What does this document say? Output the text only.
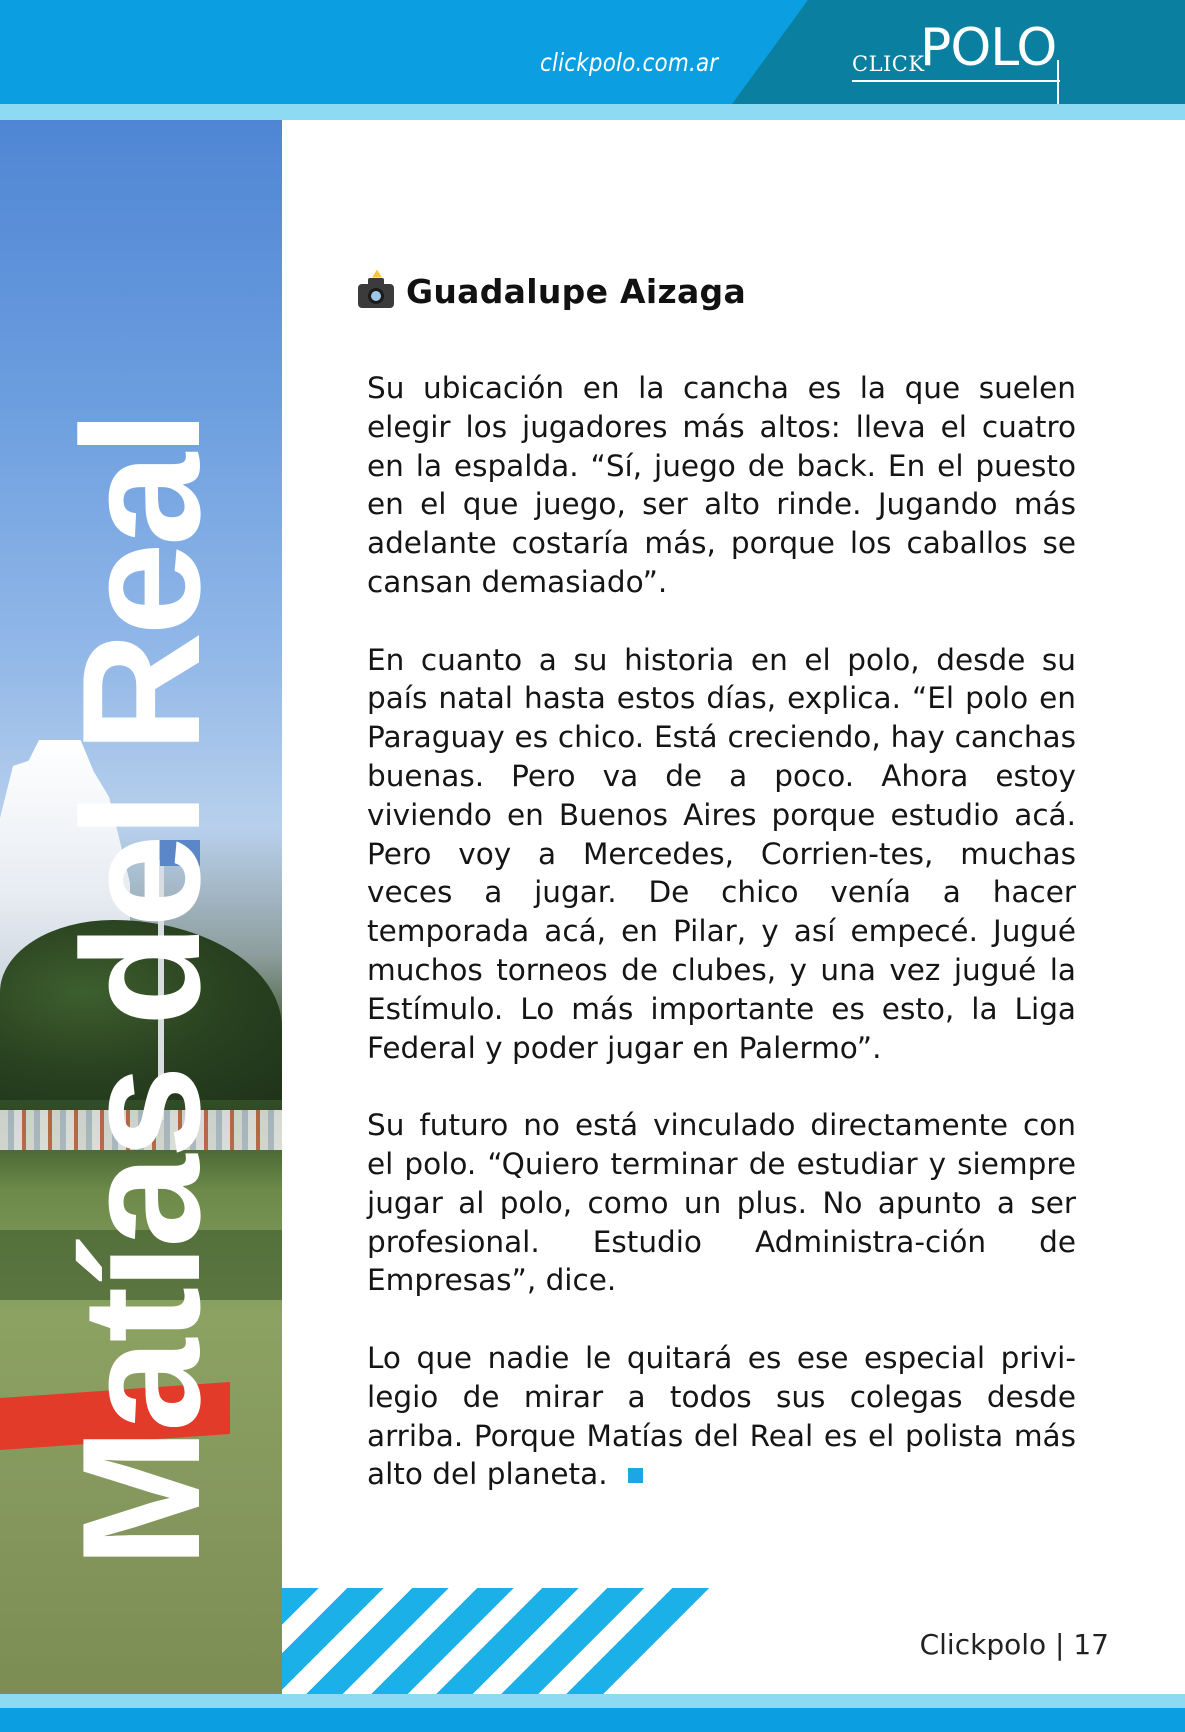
clickpolo.com.ar	CLICK
POLO
Matías del Real
Guadalupe Aizaga

Su ubicación en la cancha es la que suelen elegir los jugadores más altos: lleva el cuatro en la espalda. “Sí, juego de back. En el puesto en el que juego, ser alto rinde. Jugando más adelante costaría más, porque los caballos se cansan demasiado”.

En cuanto a su historia en el polo, desde su país natal hasta estos días, explica. “El polo en Paraguay es chico. Está creciendo, hay canchas buenas. Pero va de a poco. Ahora estoy viviendo en Buenos Aires porque estudio acá. Pero voy a Mercedes, Corrien-tes, muchas veces a jugar. De chico venía a hacer temporada acá, en Pilar, y así empecé. Jugué muchos torneos de clubes, y una vez jugué la Estímulo. Lo más importante es esto, la Liga Federal y poder jugar en Palermo”.

Su futuro no está vinculado directamente con el polo. “Quiero terminar de estudiar y siempre jugar al polo, como un plus. No apunto a ser profesional. Estudio Administra-ción de Empresas”, dice.

Lo que nadie le quitará es ese especial privi-legio de mirar a todos sus colegas desde arriba. Porque Matías del Real es el polista más alto del planeta.

Clickpolo | 17
